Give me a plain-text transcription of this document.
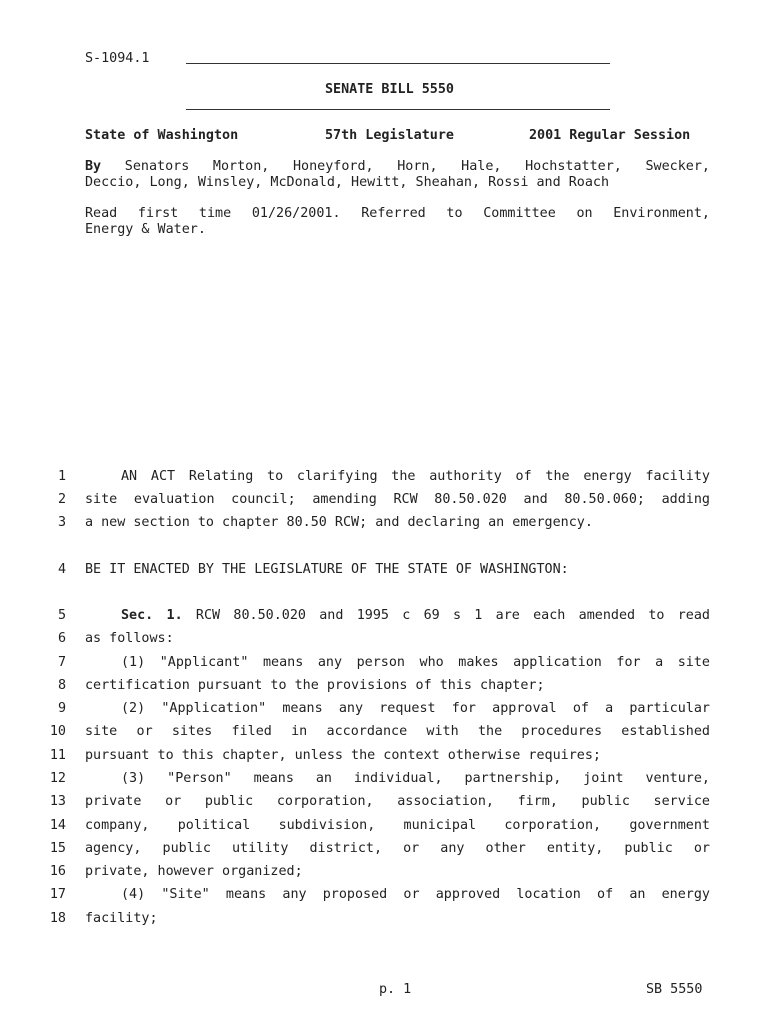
S-1094.1
SENATE BILL 5550
State of Washington	57th Legislature	2001 Regular Session
By Senators Morton, Honeyford, Horn, Hale, Hochstatter, Swecker,
Deccio, Long, Winsley, McDonald, Hewitt, Sheahan, Rossi and Roach
Read first time 01/26/2001. Referred to Committee on Environment,
Energy & Water.
1	AN ACT Relating to clarifying the authority of the energy facility
2 site evaluation council; amending RCW 80.50.020 and 80.50.060; adding
3 a new section to chapter 80.50 RCW; and declaring an emergency.
4 BE IT ENACTED BY THE LEGISLATURE OF THE STATE OF WASHINGTON:
5	Sec. 1. RCW 80.50.020 and 1995 c 69 s 1 are each amended to read
6 as follows:
7	(1) "Applicant" means any person who makes application for a site
8 certification pursuant to the provisions of this chapter;
9	(2) "Application" means any request for approval of a particular
10 site or sites filed in accordance with the procedures established
11 pursuant to this chapter, unless the context otherwise requires;
12	(3) "Person" means an individual, partnership, joint venture,
13 private or public corporation, association, firm, public service
14 company, political subdivision, municipal corporation, government
15 agency, public utility district, or any other entity, public or
16 private, however organized;
17	(4) "Site" means any proposed or approved location of an energy
18 facility;
p. 1	SB 5550
